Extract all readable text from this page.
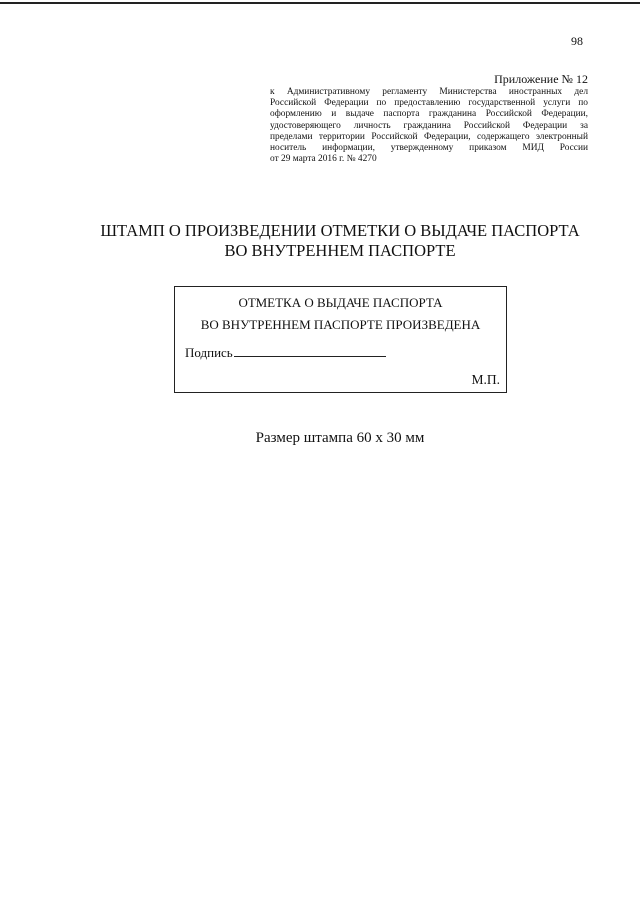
98
Приложение № 12
к Административному регламенту Министерства иностранных дел
Российской Федерации по предоставлению государственной услуги по
оформлению и выдаче паспорта гражданина Российской Федерации,
удостоверяющего личность гражданина Российской Федерации за
пределами территории Российской Федерации, содержащего электронный
носитель информации, утвержденному приказом МИД России
от 29 марта 2016 г. № 4270
ШТАМП О ПРОИЗВЕДЕНИИ ОТМЕТКИ О ВЫДАЧЕ ПАСПОРТА
ВО ВНУТРЕННЕМ ПАСПОРТЕ
ОТМЕТКА О ВЫДАЧЕ ПАСПОРТА
ВО ВНУТРЕННЕМ ПАСПОРТЕ ПРОИЗВЕДЕНА
Подпись
М.П.
Размер штампа 60 х 30 мм
